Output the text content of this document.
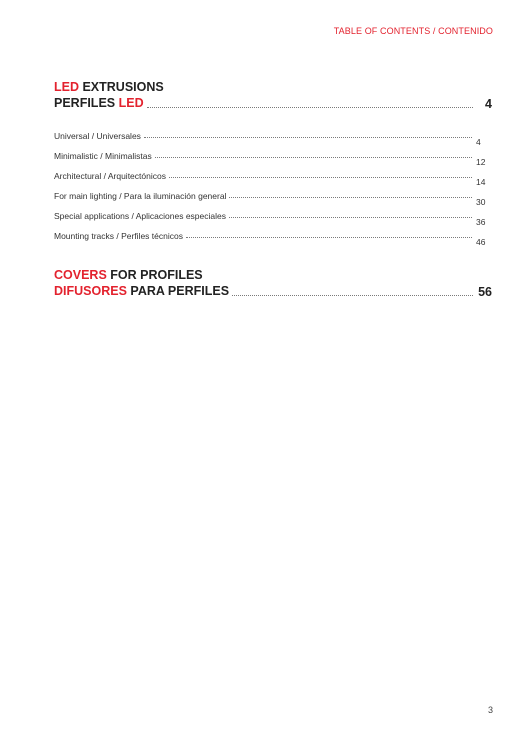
TABLE OF CONTENTS / CONTENIDO
LED EXTRUSIONS
PERFILES LED	4
Universal / Universales
4
Minimalistic / Minimalistas
12
Architectural / Arquitectónicos
14
For main lighting / Para la iluminación general
30
Special applications / Aplicaciones especiales
36
Mounting tracks / Perfiles técnicos
46
COVERS FOR PROFILES
DIFUSORES PARA PERFILES	56
3
